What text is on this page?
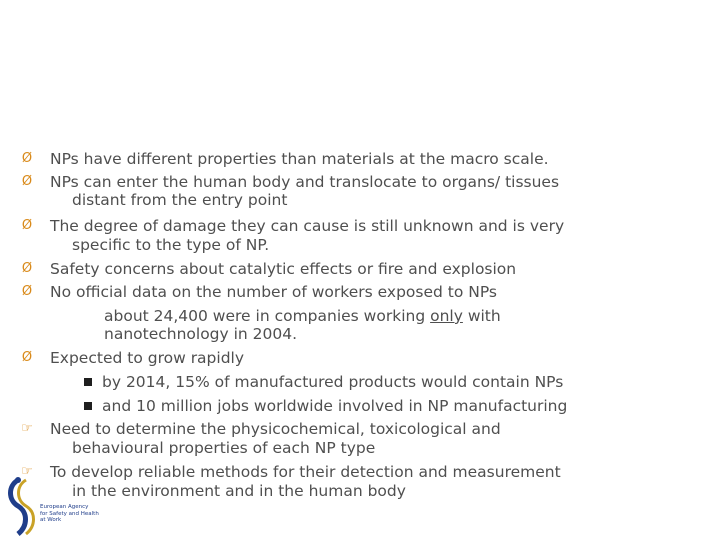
Ø NPs have different properties than materials at the macro scale.
Ø NPs can enter the human body and translocate to organs/ tissues
distant from the entry point
Ø The degree of damage they can cause is still unknown and is very
specific to the type of NP.
Ø Safety concerns about catalytic effects or fire and explosion
Ø No official data on the number of workers exposed to NPs
about 24,400 were in companies working only with
nanotechnology in 2004.
Ø Expected to grow rapidly
by 2014, 15% of manufactured products would contain NPs
and 10 million jobs worldwide involved in NP manufacturing
☞ Need to determine the physicochemical, toxicological and
behavioural properties of each NP type
☞ To develop reliable methods for their detection and measurement
in the environment and in the human body
European Agency
for Safety and Health
at Work
